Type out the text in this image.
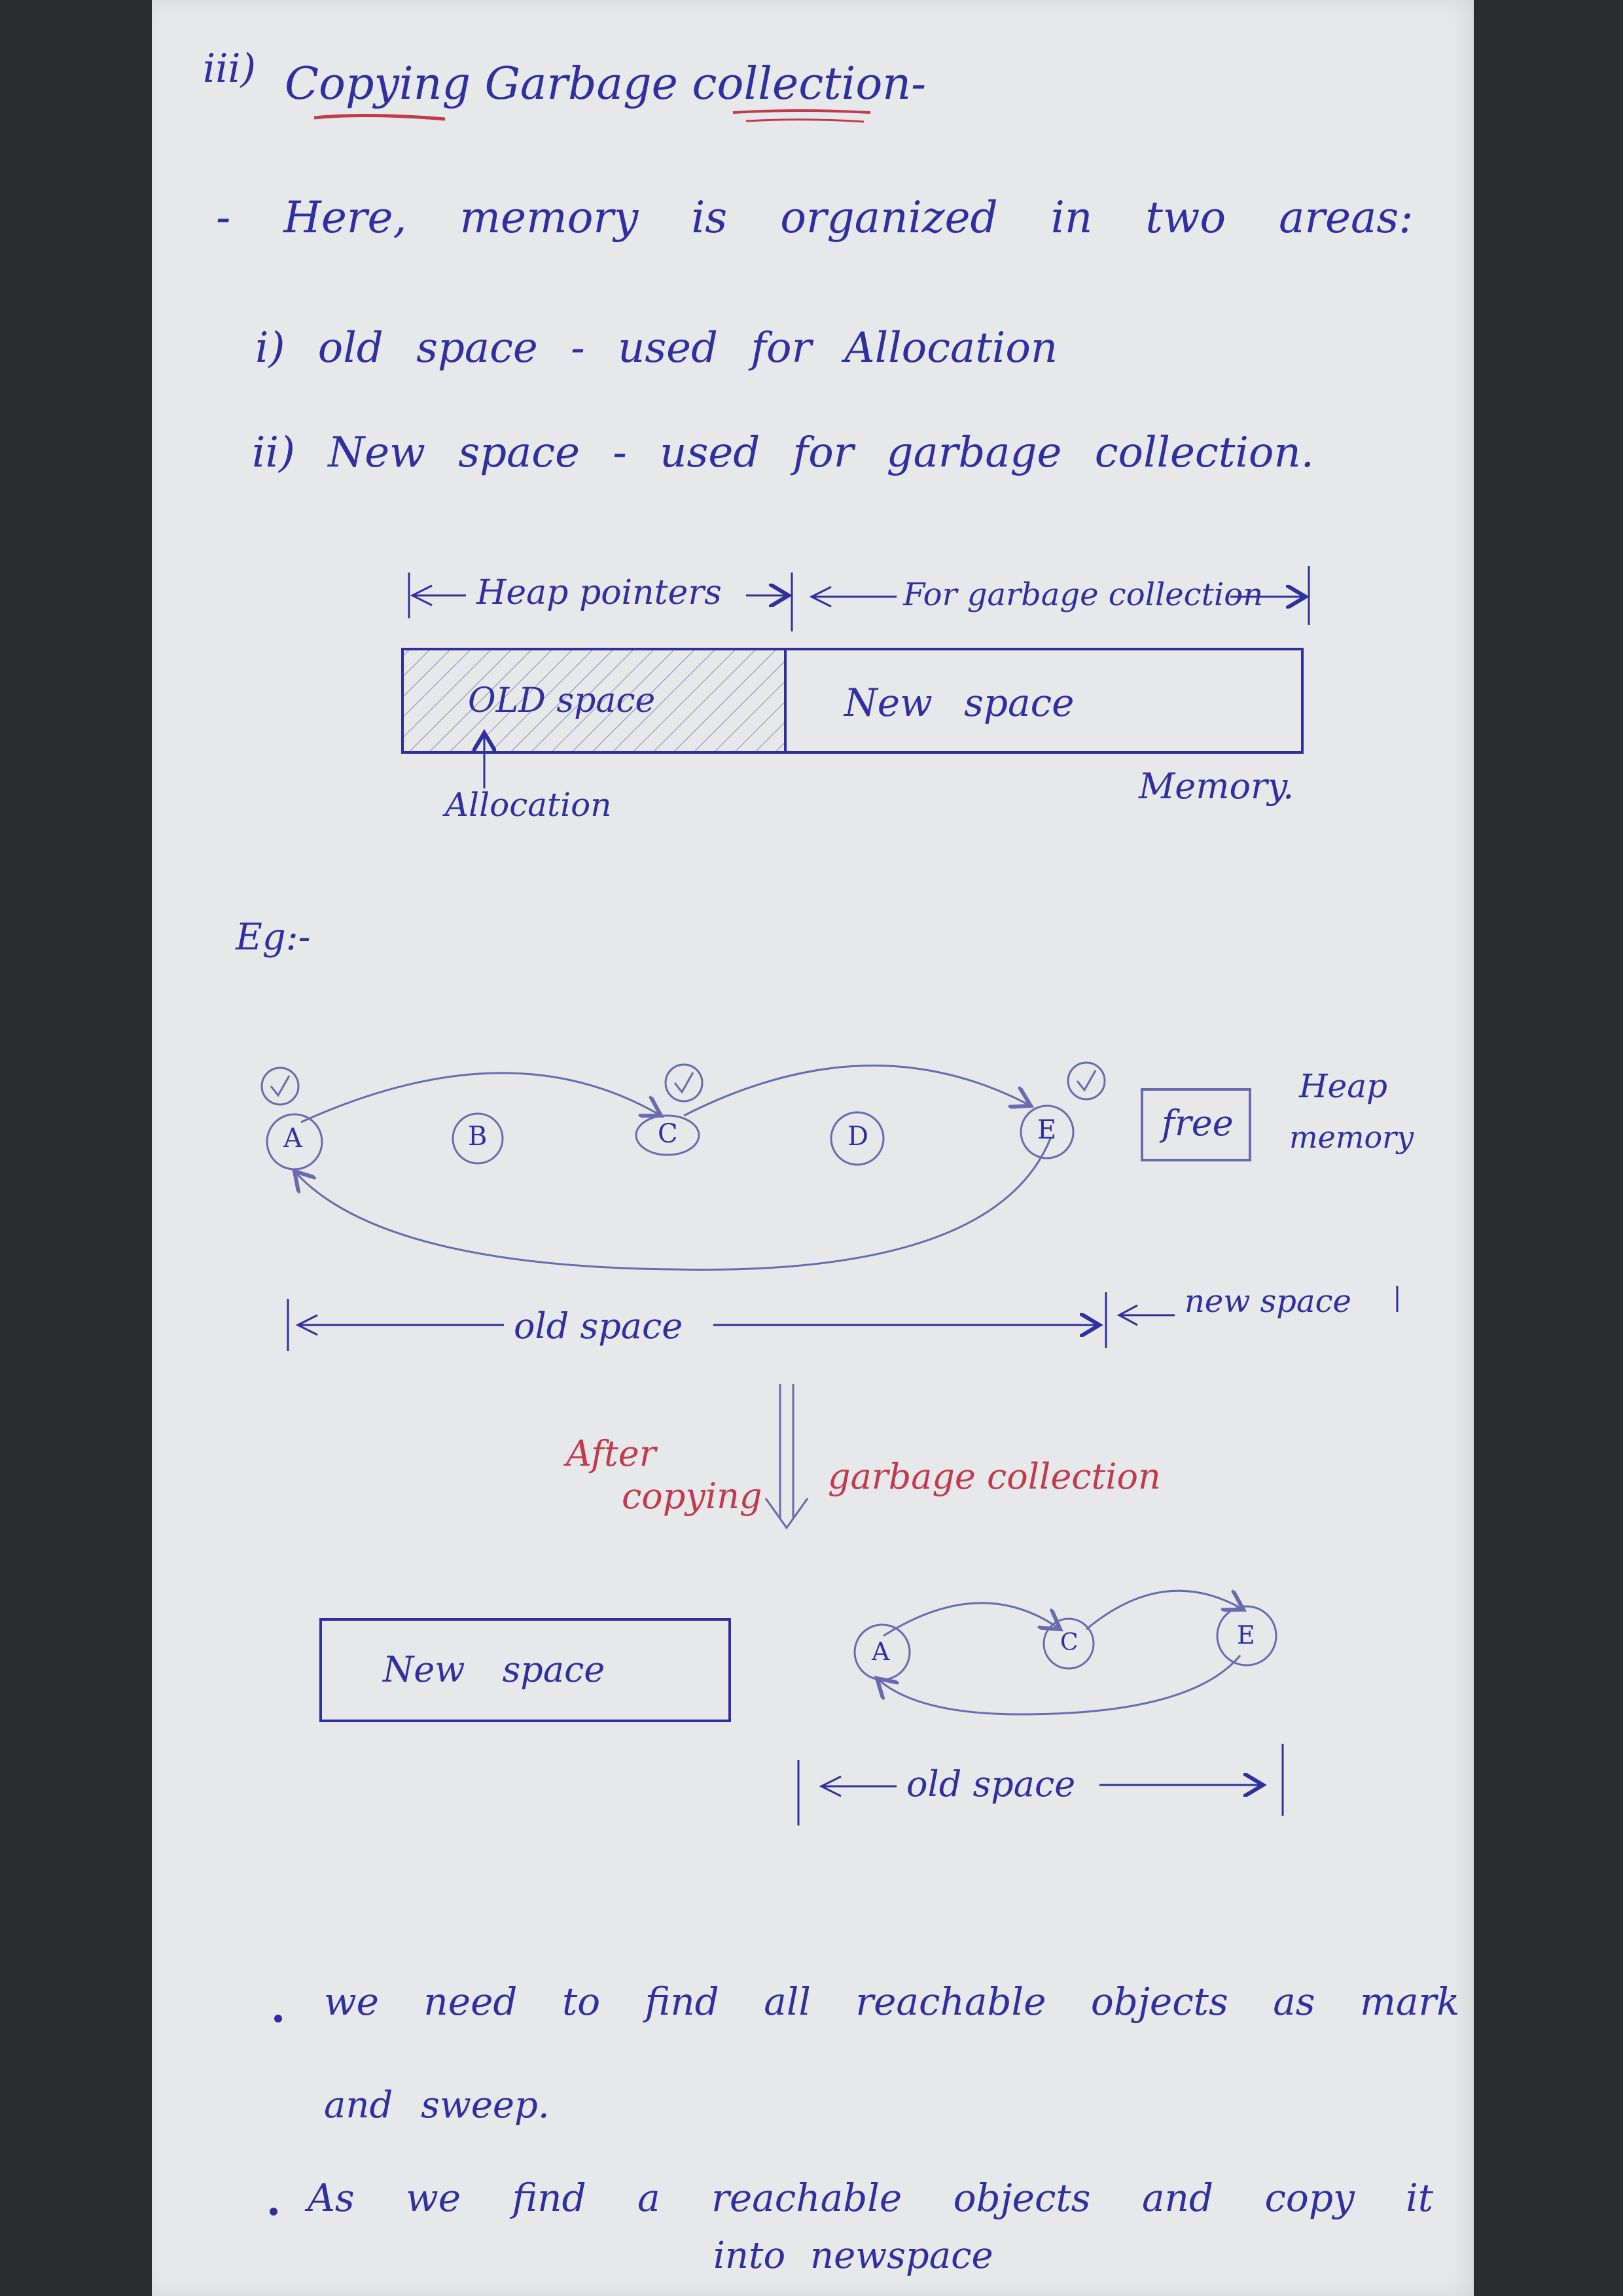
iii) Copying Garbage collection-
- Here, memory is organized in two areas:
i) old space - used for Allocation
ii) New space - used for garbage collection.
Heap pointers	For garbage collection
OLD space	New space
Allocation	Memory.
Eg:-
A	B	C	D	E	free
Heap
memory
old space
new space
After
copying garbage collection
New space	A	C	E
old space
we need to find all reachable objects as mark
and sweep.
As we find a reachable objects and copy it
into newspace
